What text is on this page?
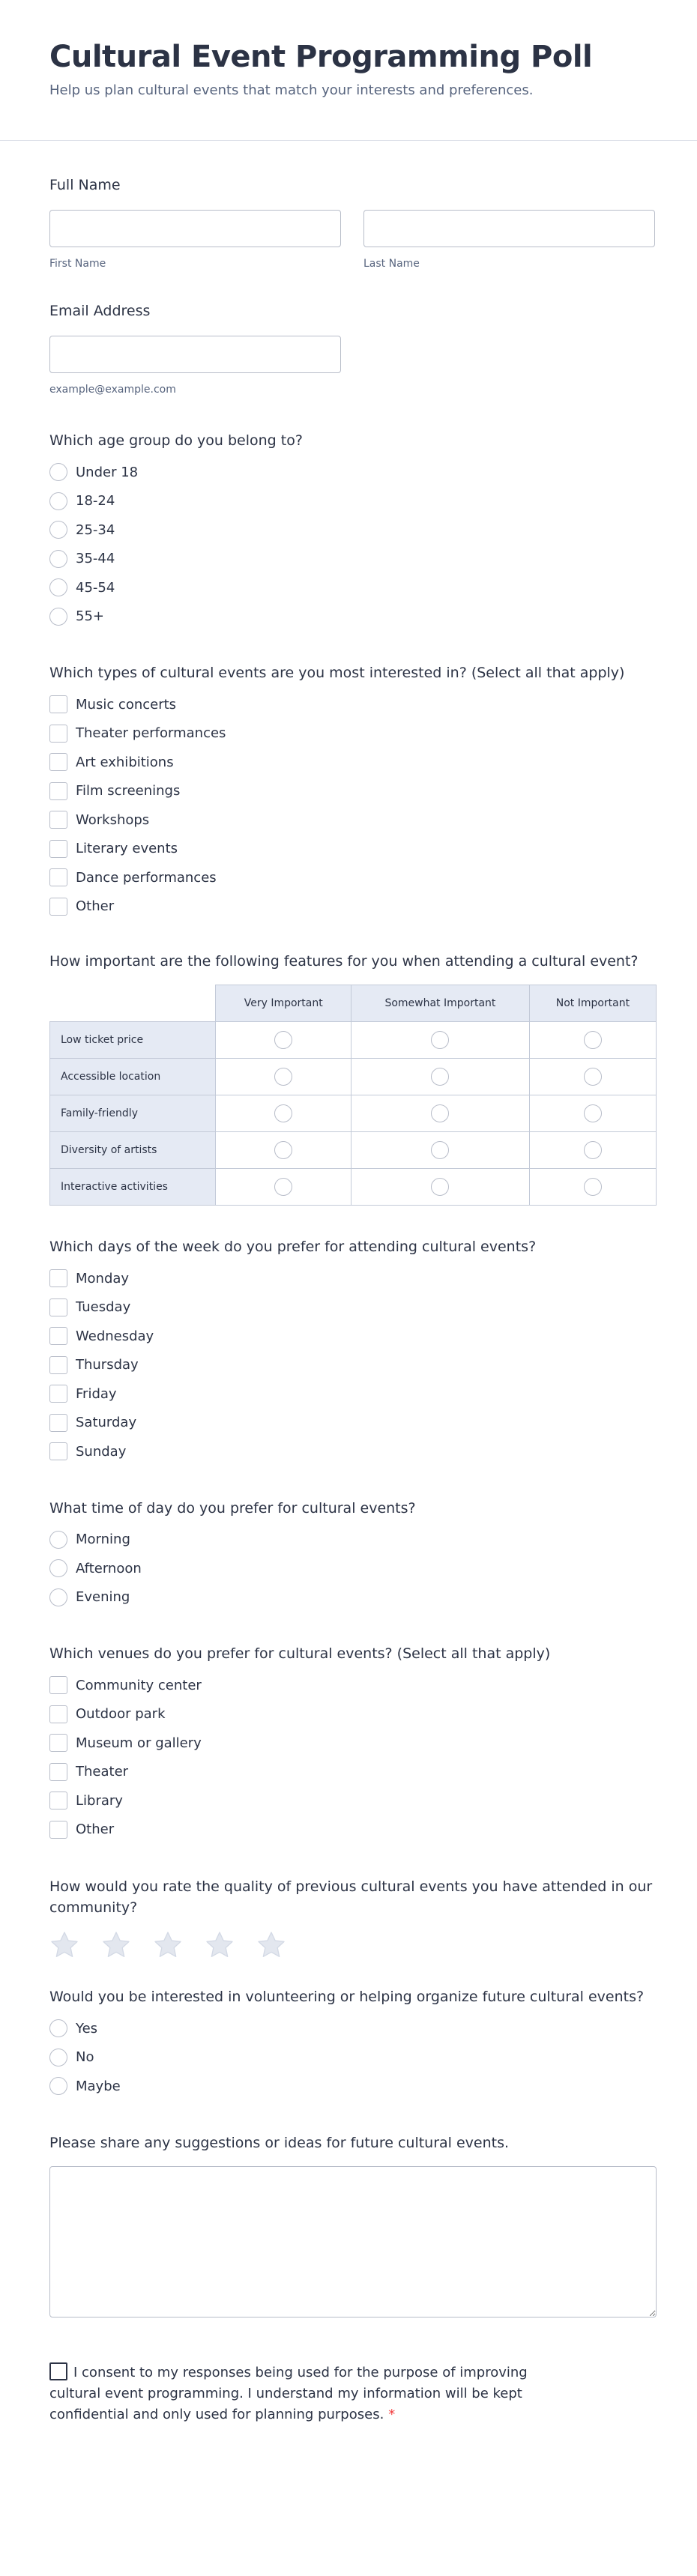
Cultural Event Programming Poll

Help us plan cultural events that match your interests and preferences.

Full Name
First Name	Last Name
Email Address
example@example.com
Which age group do you belong to?
Under 18
18-24
25-34
35-44
45-54
55+
Which types of cultural events are you most interested in? (Select all that apply)
Music concerts
Theater performances
Art exhibitions
Film screenings
Workshops
Literary events
Dance performances
Other
How important are the following features for you when attending a cultural event?
	Very Important	Somewhat Important	Not Important
Low ticket price			
Accessible location			
Family-friendly			
Diversity of artists			
Interactive activities			
Which days of the week do you prefer for attending cultural events?
Monday
Tuesday
Wednesday
Thursday
Friday
Saturday
Sunday
What time of day do you prefer for cultural events?
Morning
Afternoon
Evening
Which venues do you prefer for cultural events? (Select all that apply)
Community center
Outdoor park
Museum or gallery
Theater
Library
Other
How would you rate the quality of previous cultural events you have attended in our community?
Would you be interested in volunteering or helping organize future cultural events?
Yes
No
Maybe
Please share any suggestions or ideas for future cultural events.
I consent to my responses being used for the purpose of improving cultural event programming. I understand my information will be kept confidential and only used for planning purposes. *
